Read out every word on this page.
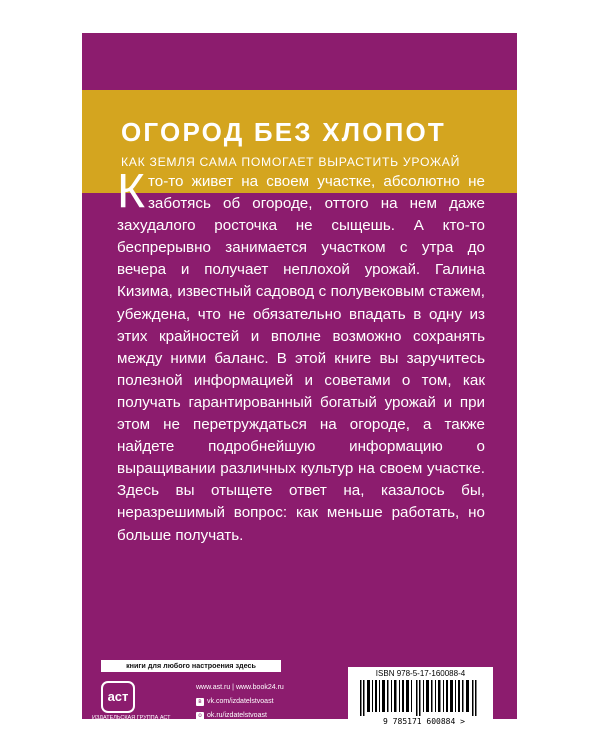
ОГОРОД БЕЗ ХЛОПОТ

КАК ЗЕМЛЯ САМА ПОМОГАЕТ ВЫРАСТИТЬ УРОЖАЙ

Кто-то живет на своем участке, абсолютно не заботясь об огороде, оттого на нем даже захудалого росточка не сыщешь. А кто-то беспрерывно занимается участком с утра до вечера и получает неплохой урожай. Галина Кизима, известный садовод с полувековым стажем, убеждена, что не обязательно впадать в одну из этих крайностей и вполне возможно сохранять между ними баланс. В этой книге вы заручитесь полезной информацией и советами о том, как получать гарантированный богатый урожай и при этом не перетруждаться на огороде, а также найдете подробнейшую информацию о выращивании различных культур на своем участке. Здесь вы отыщете ответ на, казалось бы, неразрешимый вопрос: как меньше работать, но больше получать.

книги для любого настроения здесь
аст
ИЗДАТЕЛЬСКАЯ ГРУППА АСТ
www.ast.ru | www.book24.ru
в vk.com/izdatelstvoast
о ok.ru/izdatelstvoast
ISBN 978-5-17-160088-4
9 785171 600884 >
